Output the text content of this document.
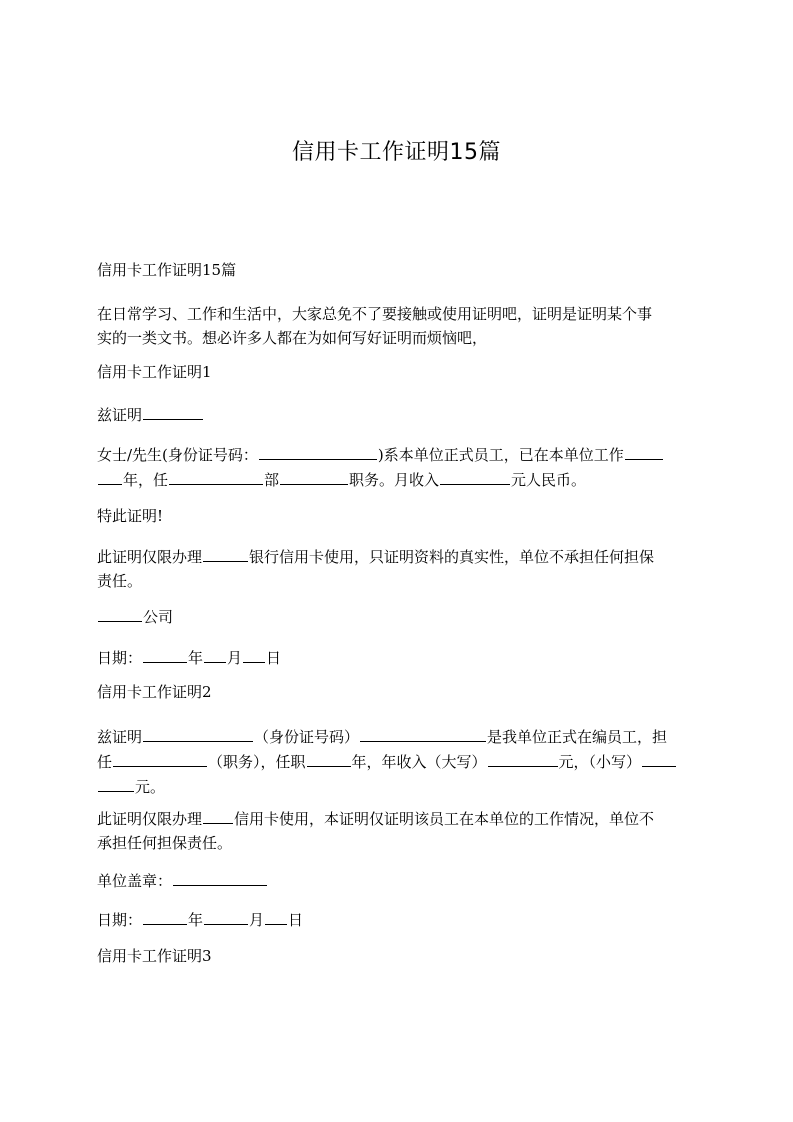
信用卡工作证明15篇

信用卡工作证明15篇

在日常学习、工作和生活中，大家总免不了要接触或使用证明吧，证明是证明某个事
实的一类文书。想必许多人都在为如何写好证明而烦恼吧，

信用卡工作证明1

兹证明

女士/先生(身份证号码：	)系本单位正式员工，已在本单位工作
年，任	部	职务。月收入	元人民币。

特此证明!

此证明仅限办理	银行信用卡使用，只证明资料的真实性，单位不承担任何担保
责任。

公司

日期：	年 月 日

信用卡工作证明2

兹证明	（身份证号码）	是我单位正式在编员工，担
任	（职务），任职	年，年收入（大写）	元，（小写）
元。
此证明仅限办理 信用卡使用，本证明仅证明该员工在本单位的工作情况，单位不
承担任何担保责任。

单位盖章：

日期：	年	月 日

信用卡工作证明3
